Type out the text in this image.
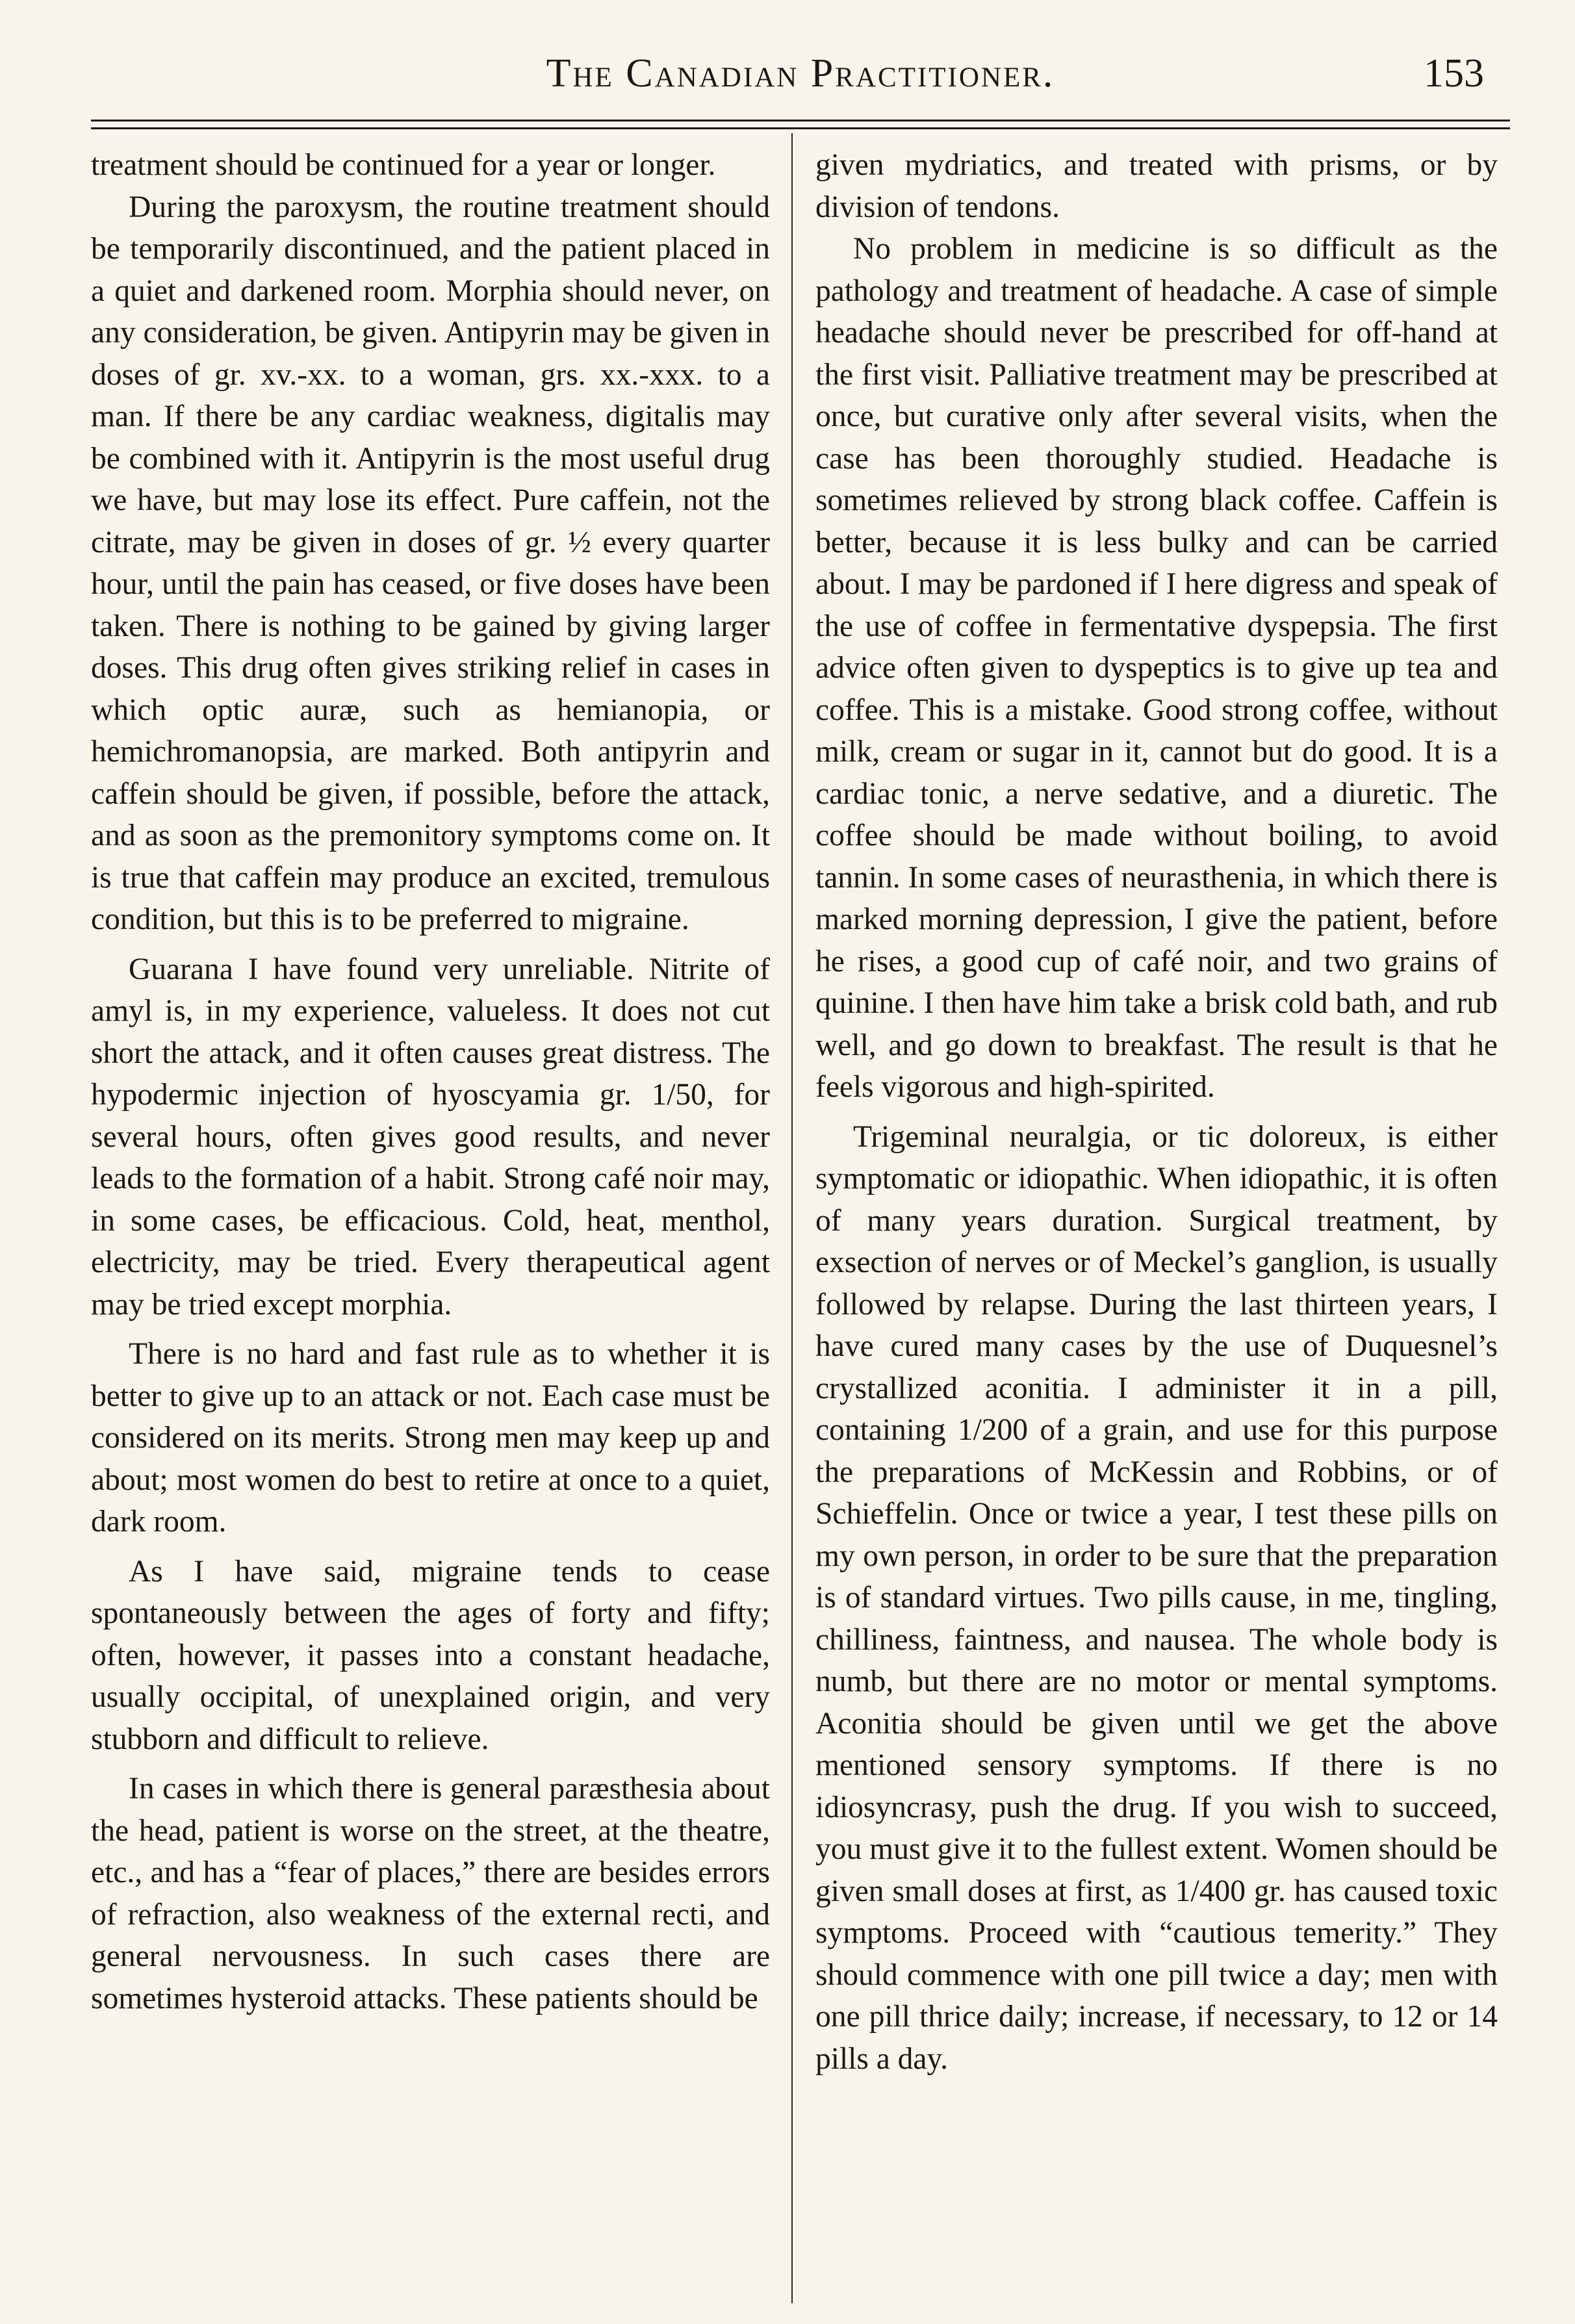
The Canadian Practitioner.	153

treatment should be continued for a year or longer.

During the paroxysm, the routine treatment should be temporarily discontinued, and the patient placed in a quiet and darkened room. Morphia should never, on any consideration, be given. Antipyrin may be given in doses of gr. xv.-xx. to a woman, grs. xx.-xxx. to a man. If there be any cardiac weakness, digitalis may be combined with it. Antipyrin is the most useful drug we have, but may lose its effect. Pure caffein, not the citrate, may be given in doses of gr. ½ every quarter hour, until the pain has ceased, or five doses have been taken. There is nothing to be gained by giving larger doses. This drug often gives striking relief in cases in which optic auræ, such as hemianopia, or hemichromanopsia, are marked. Both antipyrin and caffein should be given, if possible, before the attack, and as soon as the premonitory symptoms come on. It is true that caffein may produce an excited, tremulous condition, but this is to be preferred to migraine.

Guarana I have found very unreliable. Nitrite of amyl is, in my experience, valueless. It does not cut short the attack, and it often causes great distress. The hypodermic injection of hyoscyamia gr. 1/50, for several hours, often gives good results, and never leads to the formation of a habit. Strong café noir may, in some cases, be efficacious. Cold, heat, menthol, electricity, may be tried. Every therapeutical agent may be tried except morphia.

There is no hard and fast rule as to whether it is better to give up to an attack or not. Each case must be considered on its merits. Strong men may keep up and about; most women do best to retire at once to a quiet, dark room.

As I have said, migraine tends to cease spontaneously between the ages of forty and fifty; often, however, it passes into a constant headache, usually occipital, of unexplained origin, and very stubborn and difficult to relieve.

In cases in which there is general paræsthesia about the head, patient is worse on the street, at the theatre, etc., and has a “fear of places,” there are besides errors of refraction, also weakness of the external recti, and general nervousness. In such cases there are sometimes hysteroid attacks. These patients should be

given mydriatics, and treated with prisms, or by division of tendons.

No problem in medicine is so difficult as the pathology and treatment of headache. A case of simple headache should never be prescribed for off-hand at the first visit. Palliative treatment may be prescribed at once, but curative only after several visits, when the case has been thoroughly studied. Headache is sometimes relieved by strong black coffee. Caffein is better, because it is less bulky and can be carried about. I may be pardoned if I here digress and speak of the use of coffee in fermentative dyspepsia. The first advice often given to dyspeptics is to give up tea and coffee. This is a mistake. Good strong coffee, without milk, cream or sugar in it, cannot but do good. It is a cardiac tonic, a nerve sedative, and a diuretic. The coffee should be made without boiling, to avoid tannin. In some cases of neurasthenia, in which there is marked morning depression, I give the patient, before he rises, a good cup of café noir, and two grains of quinine. I then have him take a brisk cold bath, and rub well, and go down to breakfast. The result is that he feels vigorous and high-spirited.

Trigeminal neuralgia, or tic doloreux, is either symptomatic or idiopathic. When idiopathic, it is often of many years duration. Surgical treatment, by exsection of nerves or of Meckel’s ganglion, is usually followed by relapse. During the last thirteen years, I have cured many cases by the use of Duquesnel’s crystallized aconitia. I administer it in a pill, containing 1/200 of a grain, and use for this purpose the preparations of McKessin and Robbins, or of Schieffelin. Once or twice a year, I test these pills on my own person, in order to be sure that the preparation is of standard virtues. Two pills cause, in me, tingling, chilliness, faintness, and nausea. The whole body is numb, but there are no motor or mental symptoms. Aconitia should be given until we get the above mentioned sensory symptoms. If there is no idiosyncrasy, push the drug. If you wish to succeed, you must give it to the fullest extent. Women should be given small doses at first, as 1/400 gr. has caused toxic symptoms. Proceed with “cautious temerity.” They should commence with one pill twice a day; men with one pill thrice daily; increase, if necessary, to 12 or 14 pills a day.
